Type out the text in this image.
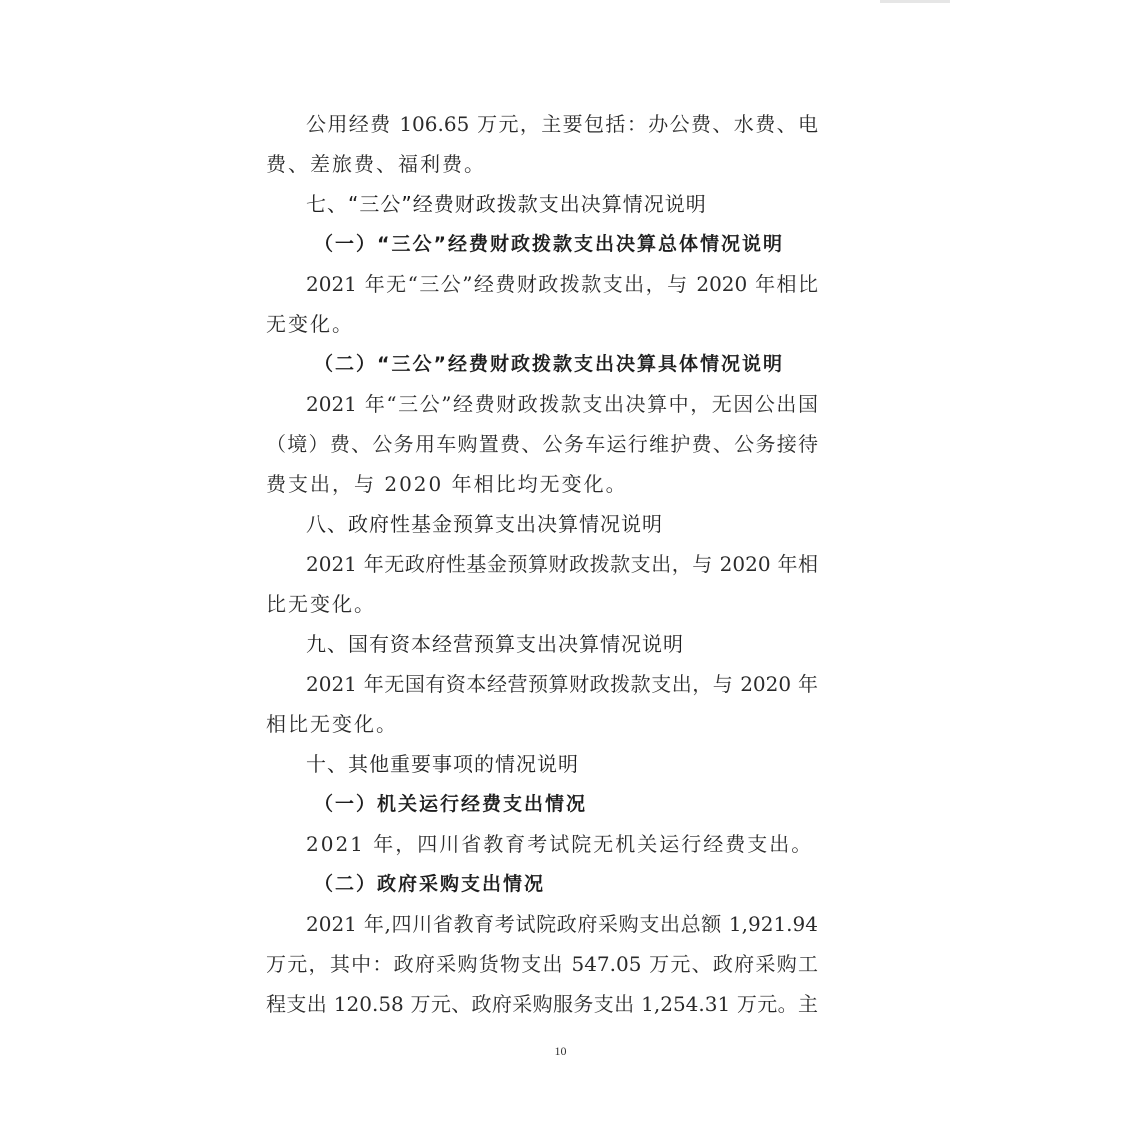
公用经费 106.65 万元，主要包括：办公费、水费、电
费、差旅费、福利费。
七、“三公”经费财政拨款支出决算情况说明
（一）“三公”经费财政拨款支出决算总体情况说明
2021 年无“三公”经费财政拨款支出，与 2020 年相比
无变化。
（二）“三公”经费财政拨款支出决算具体情况说明
2021 年“三公”经费财政拨款支出决算中，无因公出国
（境）费、公务用车购置费、公务车运行维护费、公务接待
费支出，与 2020 年相比均无变化。
八、政府性基金预算支出决算情况说明
2021 年无政府性基金预算财政拨款支出，与 2020 年相
比无变化。
九、国有资本经营预算支出决算情况说明
2021 年无国有资本经营预算财政拨款支出，与 2020 年
相比无变化。
十、其他重要事项的情况说明
（一）机关运行经费支出情况
2021 年，四川省教育考试院无机关运行经费支出。
（二）政府采购支出情况
2021 年,四川省教育考试院政府采购支出总额 1,921.94
万元，其中：政府采购货物支出 547.05 万元、政府采购工
程支出 120.58 万元、政府采购服务支出 1,254.31 万元。主
10
